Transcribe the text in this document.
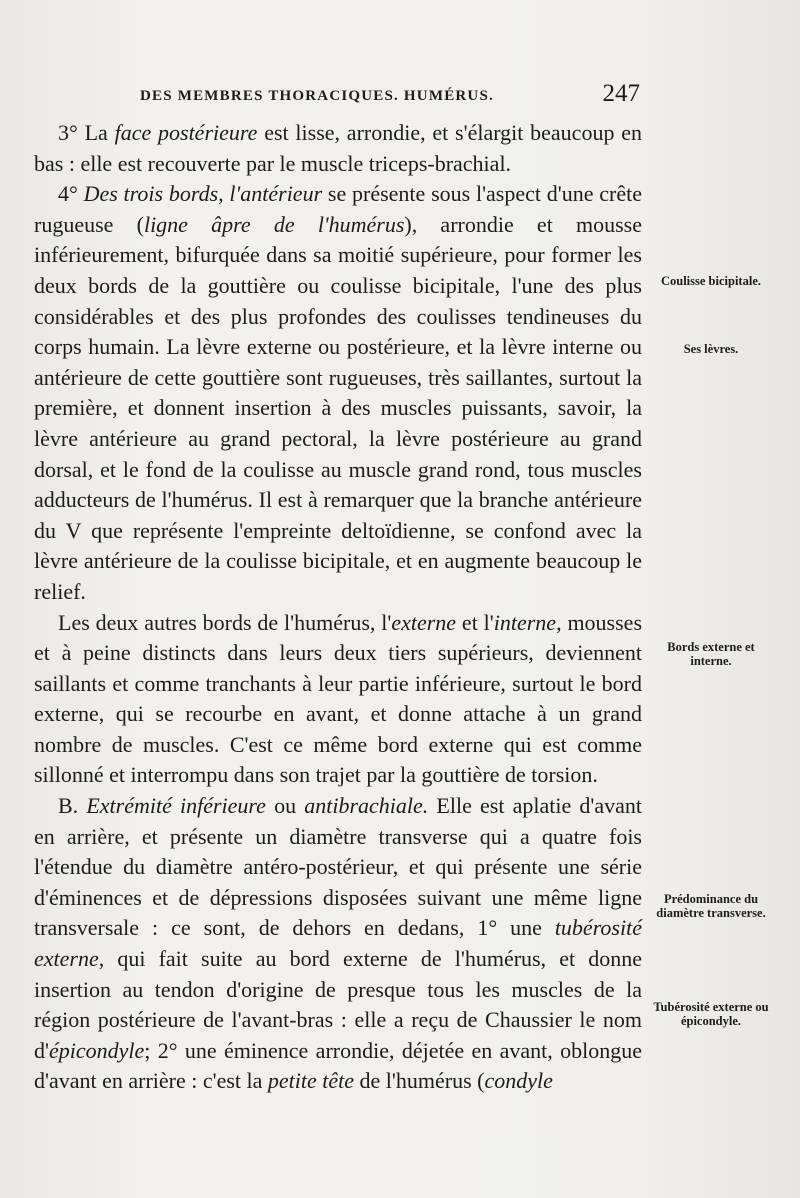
DES MEMBRES THORACIQUES. HUMÉRUS.	247

3° La face postérieure est lisse, arrondie, et s'élargit beaucoup en bas : elle est recouverte par le muscle triceps-brachial.

4° Des trois bords, l'antérieur se présente sous l'aspect d'une crête rugueuse (ligne âpre de l'humérus), arrondie et mousse inférieurement, bifurquée dans sa moitié supérieure, pour former les deux bords de la gouttière ou coulisse bicipitale, l'une des plus considérables et des plus profondes des coulisses tendineuses du corps humain. La lèvre externe ou postérieure, et la lèvre interne ou antérieure de cette gouttière sont rugueuses, très saillantes, surtout la première, et donnent insertion à des muscles puissants, savoir, la lèvre antérieure au grand pectoral, la lèvre postérieure au grand dorsal, et le fond de la coulisse au muscle grand rond, tous muscles adducteurs de l'humérus. Il est à remarquer que la branche antérieure du V que représente l'empreinte deltoïdienne, se confond avec la lèvre antérieure de la coulisse bicipitale, et en augmente beaucoup le relief.

Les deux autres bords de l'humérus, l'externe et l'interne, mousses et à peine distincts dans leurs deux tiers supérieurs, deviennent saillants et comme tranchants à leur partie inférieure, surtout le bord externe, qui se recourbe en avant, et donne attache à un grand nombre de muscles. C'est ce même bord externe qui est comme sillonné et interrompu dans son trajet par la gouttière de torsion.

B. Extrémité inférieure ou antibrachiale. Elle est aplatie d'avant en arrière, et présente un diamètre transverse qui a quatre fois l'étendue du diamètre antéro-postérieur, et qui présente une série d'éminences et de dépressions disposées suivant une même ligne transversale : ce sont, de dehors en dedans, 1° une tubérosité externe, qui fait suite au bord externe de l'humérus, et donne insertion au tendon d'origine de presque tous les muscles de la région postérieure de l'avant-bras : elle a reçu de Chaussier le nom d'épicondyle; 2° une éminence arrondie, déjetée en avant, oblongue d'avant en arrière : c'est la petite tête de l'humérus (condyle

Coulisse bicipitale.
Ses lèvres.
Bords externe et interne.
Prédominance du diamètre transverse.
Tubérosité externe ou épicondyle.
